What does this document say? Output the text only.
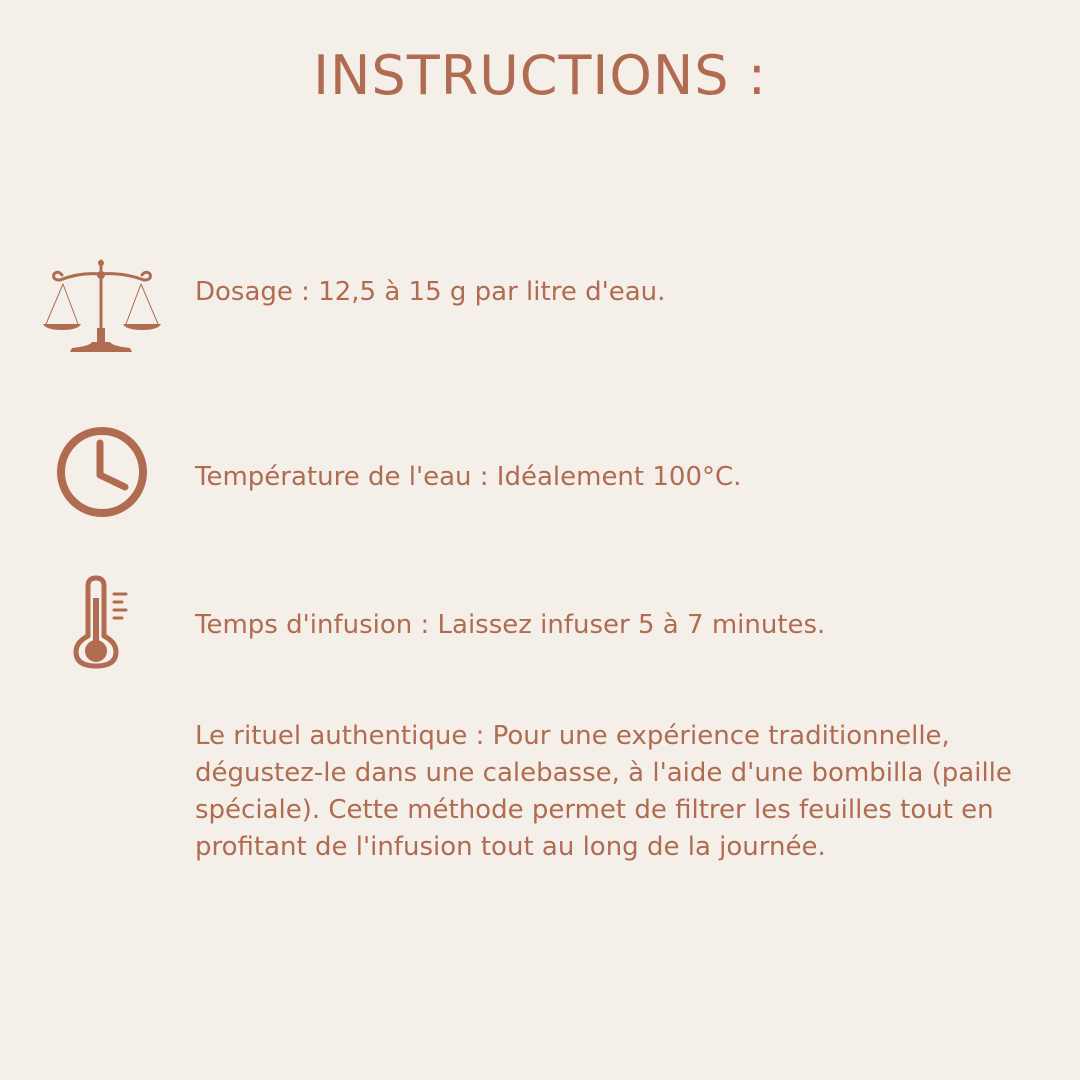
INSTRUCTIONS :

Dosage : 12,5 à 15 g par litre d'eau.

Température de l'eau : Idéalement 100°C.

Temps d'infusion : Laissez infuser 5 à 7 minutes.

Le rituel authentique : Pour une expérience traditionnelle, dégustez-le dans une calebasse, à l'aide d'une bombilla (paille spéciale). Cette méthode permet de filtrer les feuilles tout en profitant de l'infusion tout au long de la journée.
